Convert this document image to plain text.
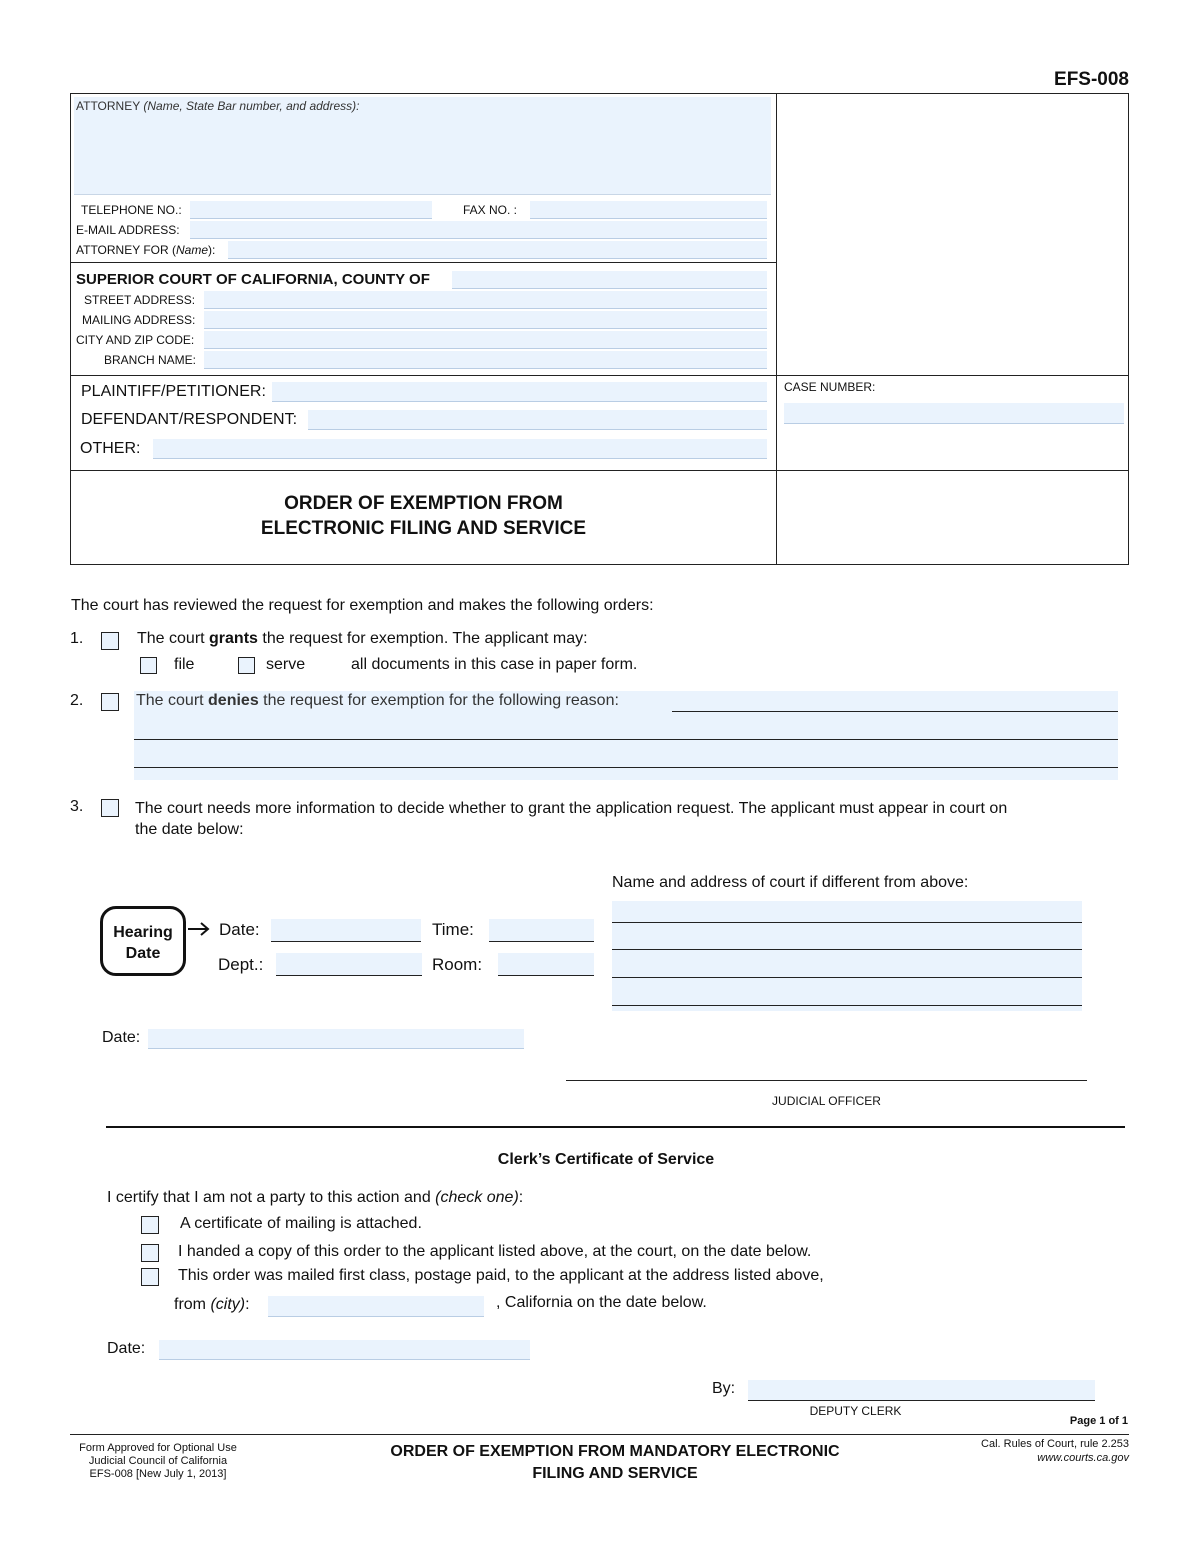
EFS-008
ATTORNEY (Name, State Bar number, and address):
TELEPHONE NO.:	FAX NO. :
E-MAIL ADDRESS:
ATTORNEY FOR (Name):
SUPERIOR COURT OF CALIFORNIA, COUNTY OF
STREET ADDRESS:
MAILING ADDRESS:
CITY AND ZIP CODE:
BRANCH NAME:
PLAINTIFF/PETITIONER:
DEFENDANT/RESPONDENT:
OTHER:
CASE NUMBER:
ORDER OF EXEMPTION FROM
ELECTRONIC FILING AND SERVICE
The court has reviewed the request for exemption and makes the following orders:
1.	The court grants the request for exemption. The applicant may:
file	serve	all documents in this case in paper form.
2.	The court denies the request for exemption for the following reason:
3.	The court needs more information to decide whether to grant the application request. The applicant must appear in court on
the date below:
Name and address of court if different from above:
Hearing
Date
Date:	Time:
Dept.:	Room:
Date:
JUDICIAL OFFICER
Clerk’s Certificate of Service
I certify that I am not a party to this action and (check one):
A certificate of mailing is attached.
I handed a copy of this order to the applicant listed above, at the court, on the date below.
This order was mailed first class, postage paid, to the applicant at the address listed above,
from (city):	, California on the date below.
Date:
By:
DEPUTY CLERK
Page 1 of 1
Form Approved for Optional Use
Judicial Council of California
EFS-008 [New July 1, 2013]
ORDER OF EXEMPTION FROM MANDATORY ELECTRONIC
FILING AND SERVICE
Cal. Rules of Court, rule 2.253
www.courts.ca.gov
